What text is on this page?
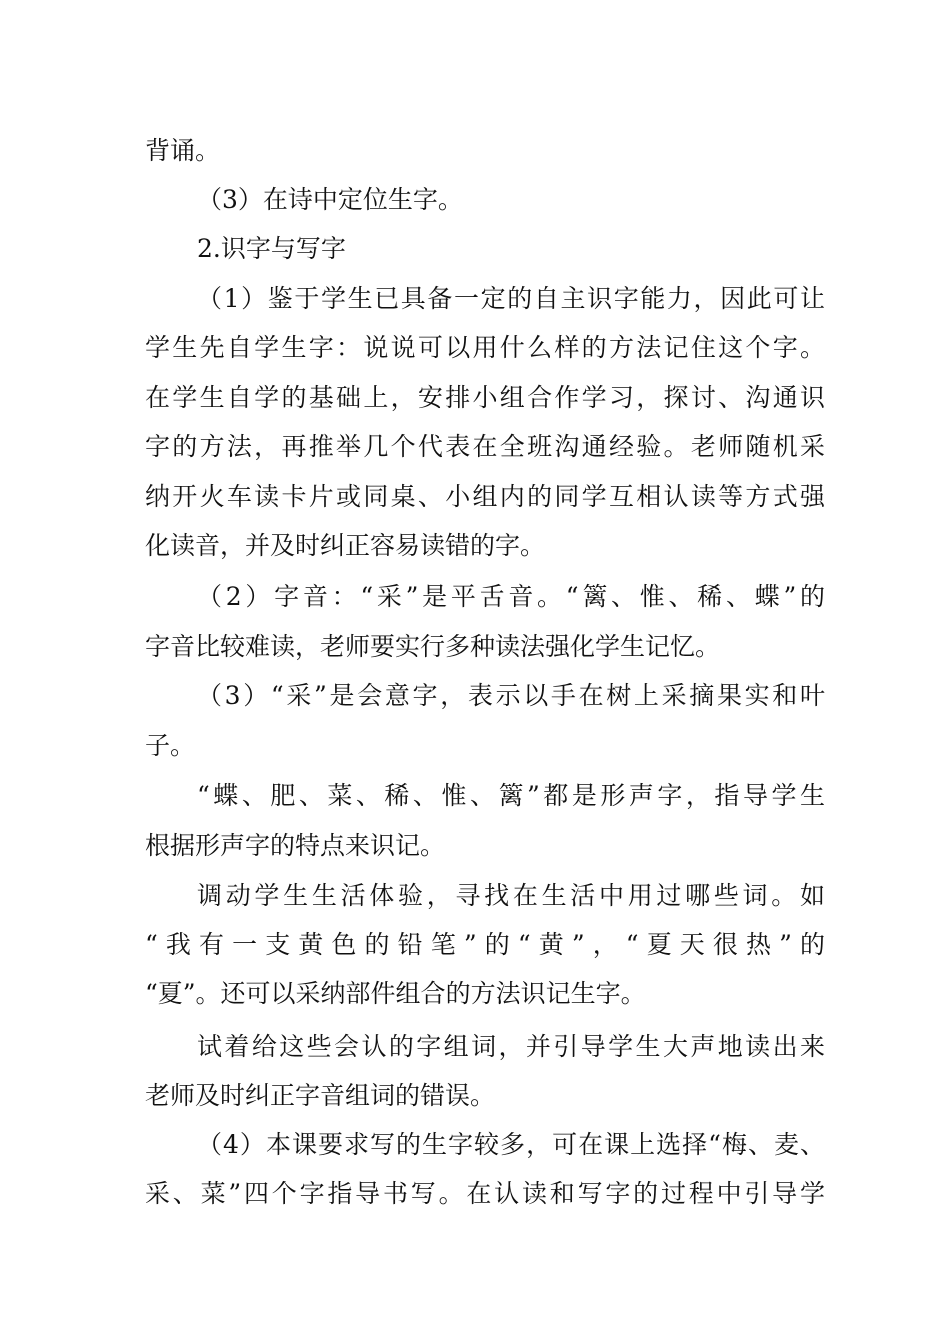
背诵。
（3）在诗中定位生字。
2.识字与写字
（1）鉴于学生已具备一定的自主识字能力，因此可让
学生先自学生字：说说可以用什么样的方法记住这个字。
在学生自学的基础上，安排小组合作学习，探讨、沟通识
字的方法，再推举几个代表在全班沟通经验。老师随机采
纳开火车读卡片或同桌、小组内的同学互相认读等方式强
化读音，并及时纠正容易读错的字。
（2）字音：“采”是平舌音。“篱、惟、稀、蝶”的
字音比较难读，老师要实行多种读法强化学生记忆。
（3）“采”是会意字，表示以手在树上采摘果实和叶
子。
“蝶、肥、菜、稀、惟、篱”都是形声字，指导学生
根据形声字的特点来识记。
调动学生生活体验，寻找在生活中用过哪些词。如
“我有一支黄色的铅笔”的“黄”，“夏天很热”的
“夏”。还可以采纳部件组合的方法识记生字。
试着给这些会认的字组词，并引导学生大声地读出来
老师及时纠正字音组词的错误。
（4）本课要求写的生字较多，可在课上选择“梅、麦、
采、菜”四个字指导书写。在认读和写字的过程中引导学
